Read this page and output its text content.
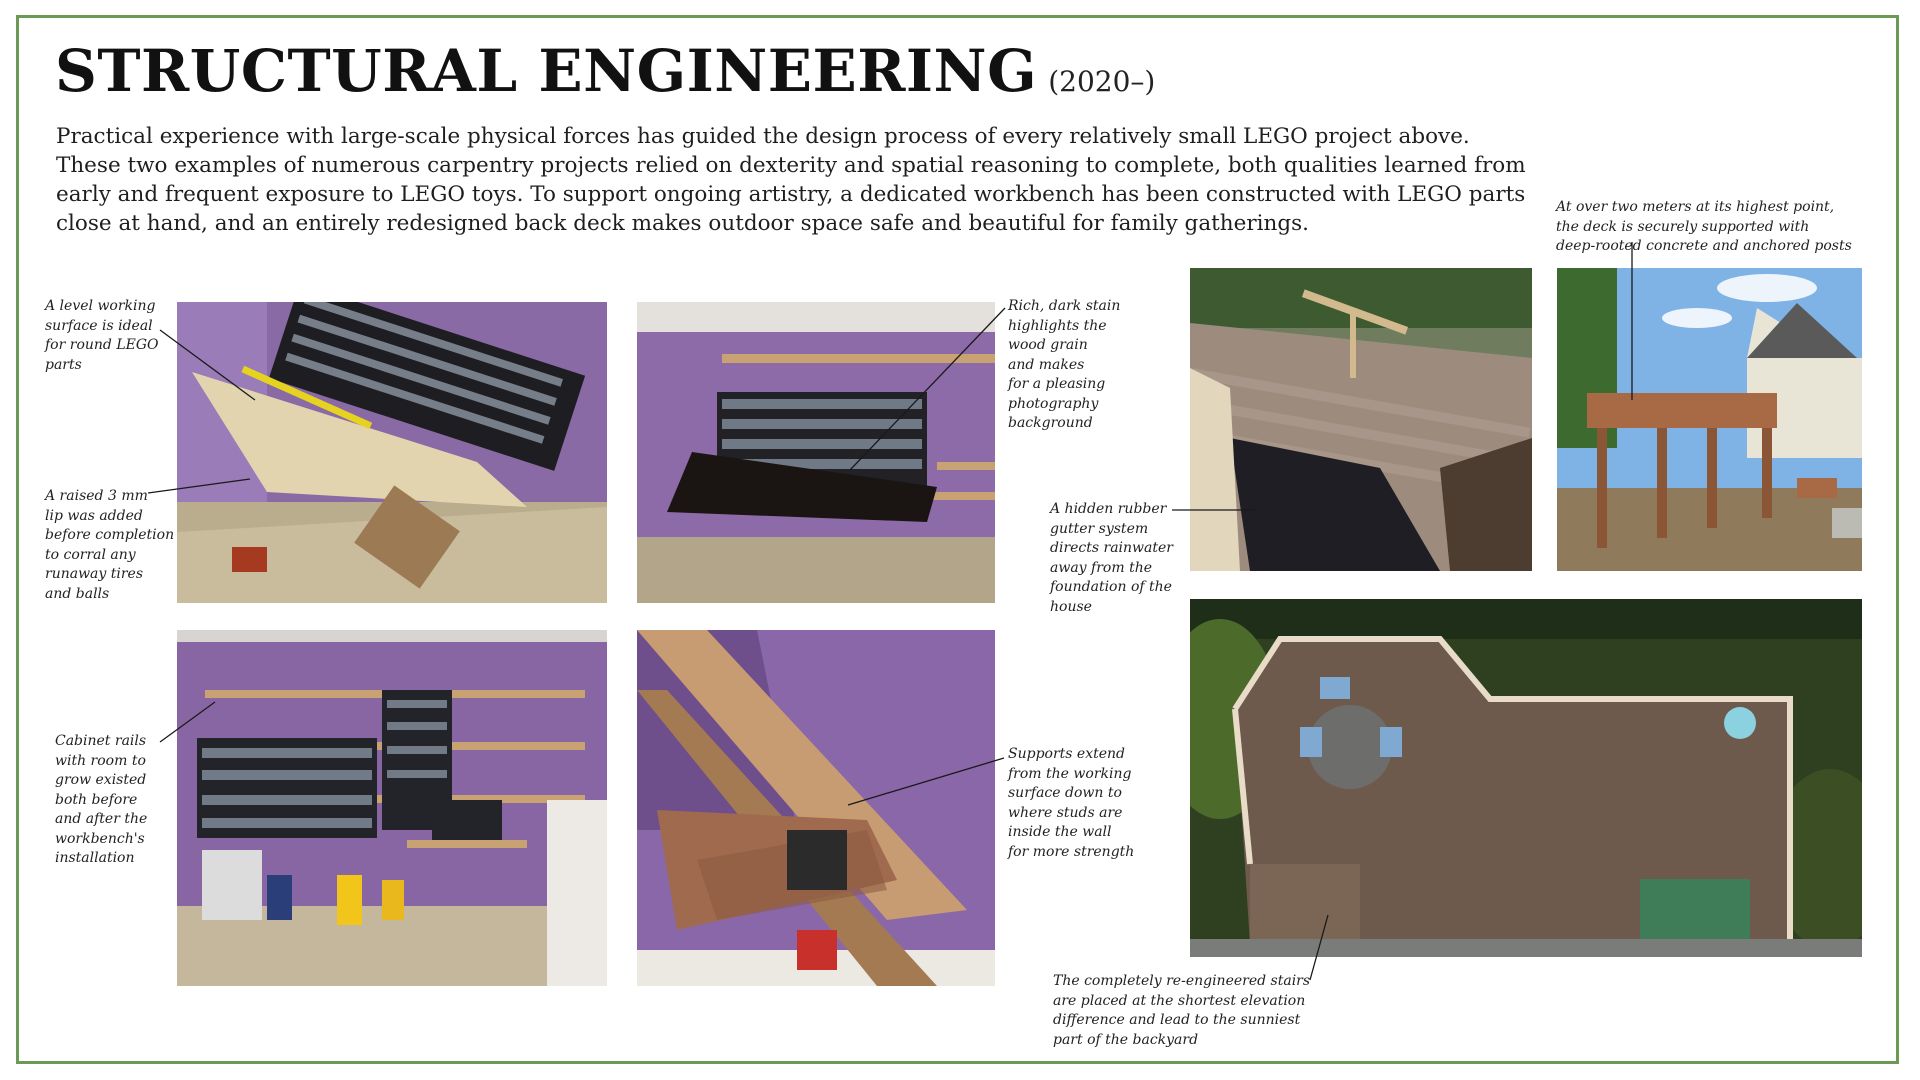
STRUCTURAL ENGINEERING (2020–)

Practical experience with large-scale physical forces has guided the design process of every relatively small LEGO project above. These two examples of numerous carpentry projects relied on dexterity and spatial reasoning to complete, both qualities learned from early and frequent exposure to LEGO toys. To support ongoing artistry, a dedicated workbench has been constructed with LEGO parts close at hand, and an entirely redesigned back deck makes outdoor space safe and beautiful for family gatherings.

A level working
surface is ideal
for round LEGO
parts

A raised 3 mm
lip was added
before completion
to corral any
runaway tires
and balls

Rich, dark stain
highlights the
wood grain
and makes
for a pleasing
photography
background

Cabinet rails
with room to
grow existed
both before
and after the
workbench's
installation

Supports extend
from the working
surface down to
where studs are
inside the wall
for more strength

At over two meters at its highest point,
the deck is securely supported with
deep-rooted concrete and anchored posts

A hidden rubber
gutter system
directs rainwater
away from the
foundation of the
house

The completely re-engineered stairs
are placed at the shortest elevation
difference and lead to the sunniest
part of the backyard
